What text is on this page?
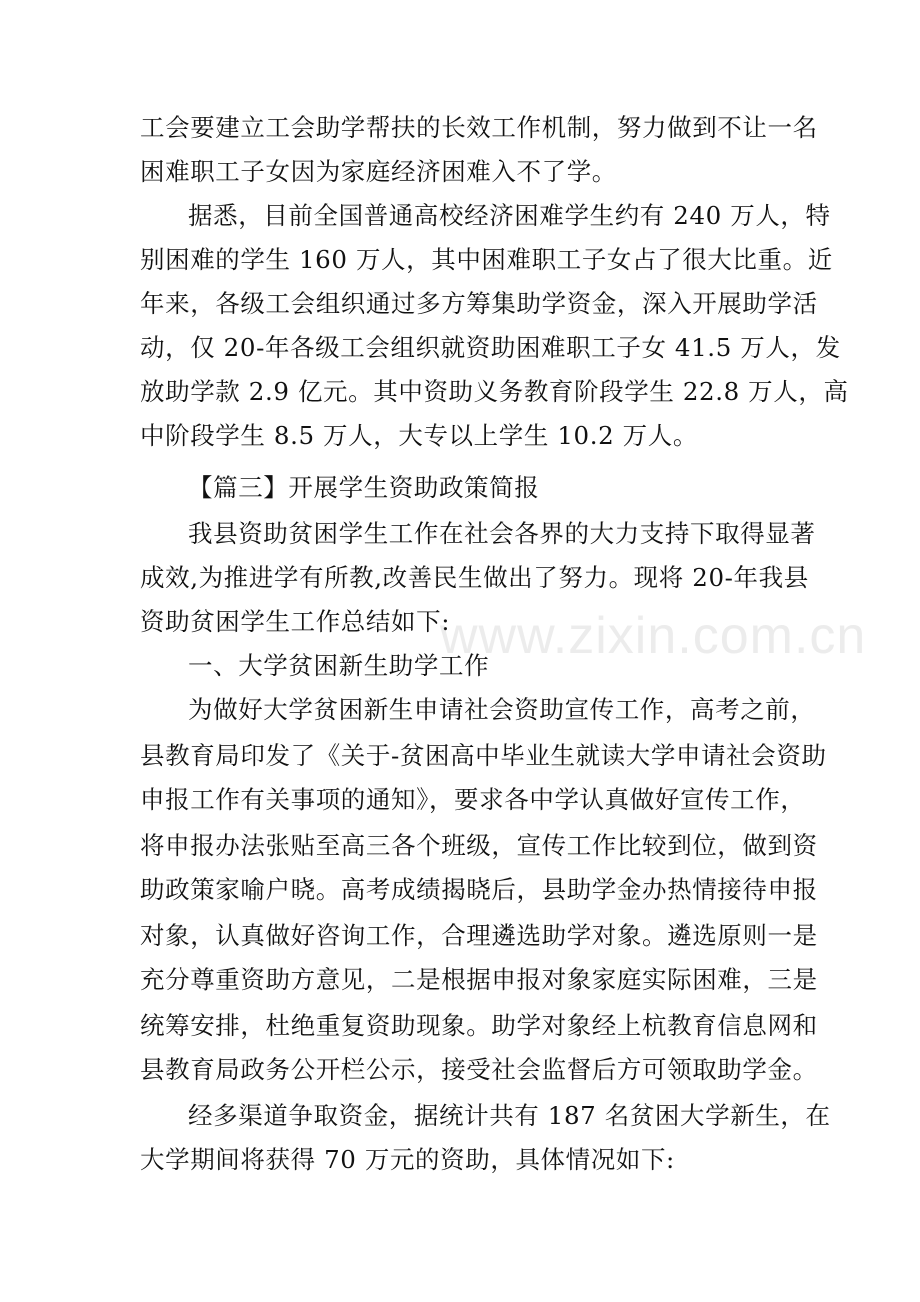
工会要建立工会助学帮扶的长效工作机制，努力做到不让一名
困难职工子女因为家庭经济困难入不了学。
据悉，目前全国普通高校经济困难学生约有 240 万人，特
别困难的学生 160 万人，其中困难职工子女占了很大比重。近
年来，各级工会组织通过多方筹集助学资金，深入开展助学活
动，仅 20-年各级工会组织就资助困难职工子女 41.5 万人，发
放助学款 2.9 亿元。其中资助义务教育阶段学生 22.8 万人，高
中阶段学生 8.5 万人，大专以上学生 10.2 万人。
【篇三】开展学生资助政策简报
我县资助贫困学生工作在社会各界的大力支持下取得显著
成效,为推进学有所教,改善民生做出了努力。现将 20-年我县
资助贫困学生工作总结如下:
一、大学贫困新生助学工作
为做好大学贫困新生申请社会资助宣传工作，高考之前，
县教育局印发了《关于-贫困高中毕业生就读大学申请社会资助
申报工作有关事项的通知》，要求各中学认真做好宣传工作，
将申报办法张贴至高三各个班级，宣传工作比较到位，做到资
助政策家喻户晓。高考成绩揭晓后，县助学金办热情接待申报
对象，认真做好咨询工作，合理遴选助学对象。遴选原则一是
充分尊重资助方意见，二是根据申报对象家庭实际困难，三是
统筹安排，杜绝重复资助现象。助学对象经上杭教育信息网和
县教育局政务公开栏公示，接受社会监督后方可领取助学金。
经多渠道争取资金，据统计共有 187 名贫困大学新生，在
大学期间将获得 70 万元的资助，具体情况如下:
www.zixin.com.cn
